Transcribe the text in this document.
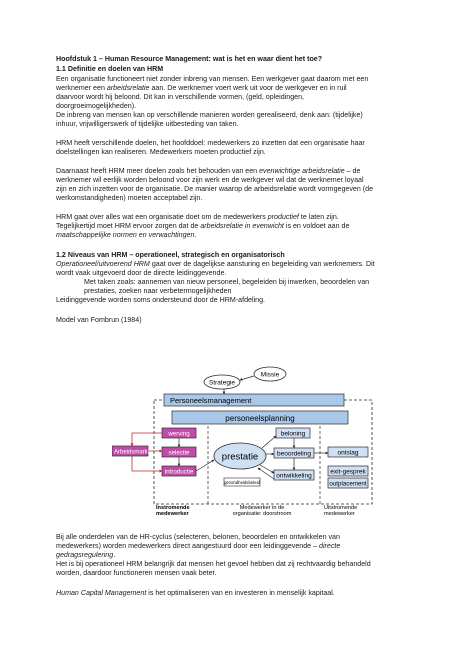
Hoofdstuk 1 – Human Resource Management: wat is het en waar dient het toe?

1.1 Definitie en doelen van HRM

Een organisatie functioneert niet zonder inbreng van mensen. Een werkgever gaat daarom met een

werknemer een arbeidsrelatie aan. De werknemer voert werk uit voor de werkgever en in ruil

daarvoor wordt hij beloond. Dit kan in verschillende vormen, (geld, opleidingen,

doorgroeimogelijkheden).

De inbreng van mensen kan op verschillende manieren worden gerealiseerd, denk aan: (tijdelijke)

inhuur, vrijwilligerswerk of tijdelijke uitbesteding van taken.

HRM heeft verschillende doelen, het hoofddoel: medewerkers zo inzetten dat een organisatie haar

doelstellingen kan realiseren. Medewerkers moeten productief zijn.

Daarnaast heeft HRM meer doelen zoals het behouden van een evenwichtige arbeidsrelatie – de

werknemer wil eerlijk worden beloond voor zijn werk en de werkgever wil dat de werknemer loyaal

zijn en zich inzetten voor de organisatie. De manier waarop de arbeidsrelatie wordt vormgegeven (de

werkomstandigheden) moeten acceptabel zijn.

HRM gaat over alles wat een organisatie doet om de medewerkers productief te laten zijn.

Tegelijkertijd moet HRM ervoor zorgen dat de arbeidsrelatie in evenwicht is en voldoet aan de

maatschappelijke normen en verwachtingen.

1.2 Niveaus van HRM – operationeel, strategisch en organisatorisch

Operationeel/uitvoerend HRM gaat over de dagelijkse aansturing en begeleiding van werknemers. Dit

wordt vaak uitgevoerd door de directe leidinggevende.

Met taken zoals: aannemen van nieuw personeel, begeleiden bij inwerken, beoordelen van

prestaties, zoeken naar verbetermogelijkheden

Leidinggevende worden soms ondersteund door de HRM-afdeling.

Model van Fombrun (1984)

Strategie
Missie
Personeelsmanagement
personeelsplanning
Arbeidsmarkt
werving
selectie
introductie
prestatie
gezondheidsbeleid
beloning
beoordeling
ontwikkeling
ontslag
exit-gesprek
outplacement
Instromende
medewerker
Medewerker in de
organisatie: doorstroom
Uitstromende
medewerker

Bij alle onderdelen van de HR-cyclus (selecteren, belonen, beoordelen en ontwikkelen van

medewerkers) worden medewerkers direct aangestuurd door een leidinggevende – directe

gedragsregulering.

Het is bij operationeel HRM belangrijk dat mensen het gevoel hebben dat zij rechtvaardig behandeld

worden, daardoor functioneren mensen vaak beter.

Human Capital Management is het optimaliseren van en investeren in menselijk kapitaal.
